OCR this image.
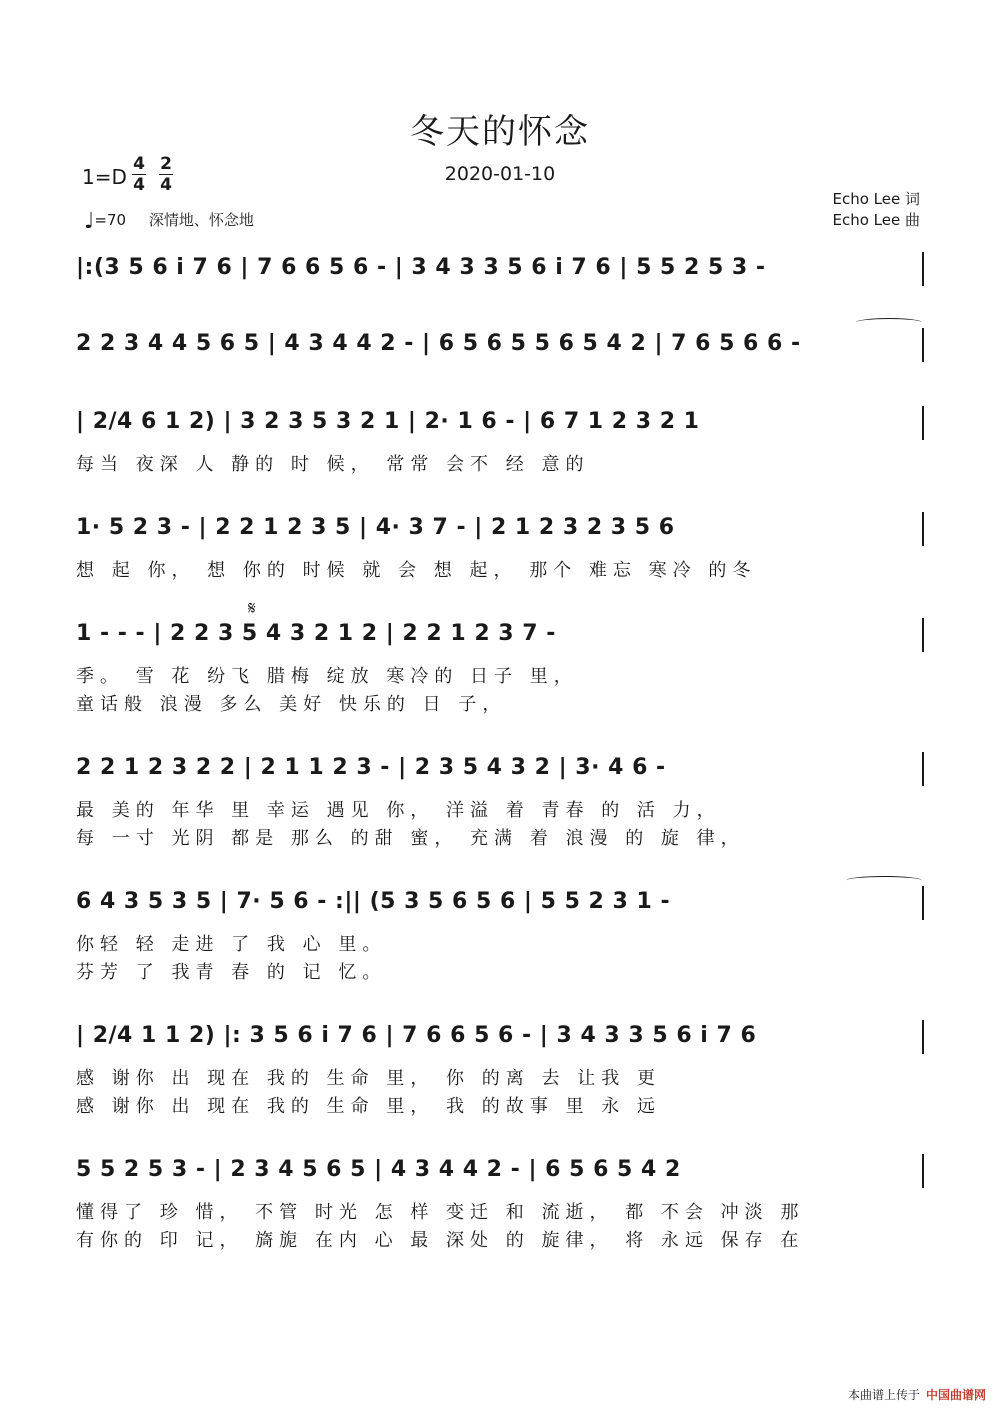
冬天的怀念
2020-01-10
1=D
4
4
2
4
♩=70 深情地、怀念地
Echo Lee 词
Echo Lee 曲
|:(3 5 6 i 7 6 | 7 6 6 5 6 - | 3 4 3 3 5 6 i 7 6 | 5 5 2 5 3 -
2 2 3 4 4 5 6 5 | 4 3 4 4 2 - | 6 5 6 5 5 6 5 4 2 | 7 6 5 6 6 -
| 2/4 6 1 2) | 3 2 3 5 3 2 1 | 2· 1 6 - | 6 7 1 2 3 2 1
每当 夜深 人 静的 时 候， 常常 会不 经 意的
1· 5 2 3 - | 2 2 1 2 3 5 | 4· 3 7 - | 2 1 2 3 2 3 5 6
想 起 你， 想 你的 时候 就 会 想 起， 那个 难忘 寒冷 的冬
𝄋
1 - - - | 2 2 3 5 4 3 2 1 2 | 2 2 1 2 3 7 -
季。 雪 花 纷飞 腊梅 绽放 寒冷的 日子 里，
童话般 浪漫 多么 美好 快乐的 日 子，
2 2 1 2 3 2 2 | 2 1 1 2 3 - | 2 3 5 4 3 2 | 3· 4 6 -
最 美的 年华 里 幸运 遇见 你， 洋溢 着 青春 的 活 力，
每 一寸 光阴 都是 那么 的甜 蜜， 充满 着 浪漫 的 旋 律，
6 4 3 5 3 5 | 7· 5 6 - :|| (5 3 5 6 5 6 | 5 5 2 3 1 -
你轻 轻 走进 了 我 心 里。
芬芳 了 我青 春 的 记 忆。
| 2/4 1 1 2) |: 3 5 6 i 7 6 | 7 6 6 5 6 - | 3 4 3 3 5 6 i 7 6
感 谢你 出 现在 我的 生命 里， 你 的离 去 让我 更
感 谢你 出 现在 我的 生命 里， 我 的故事 里 永 远
5 5 2 5 3 - | 2 3 4 5 6 5 | 4 3 4 4 2 - | 6 5 6 5 4 2
懂得了 珍 惜， 不管 时光 怎 样 变迁 和 流逝， 都 不会 冲淡 那
有你的 印 记， 旖旎 在内 心 最 深处 的 旋律， 将 永远 保存 在
本曲谱上传于 中国曲谱网
